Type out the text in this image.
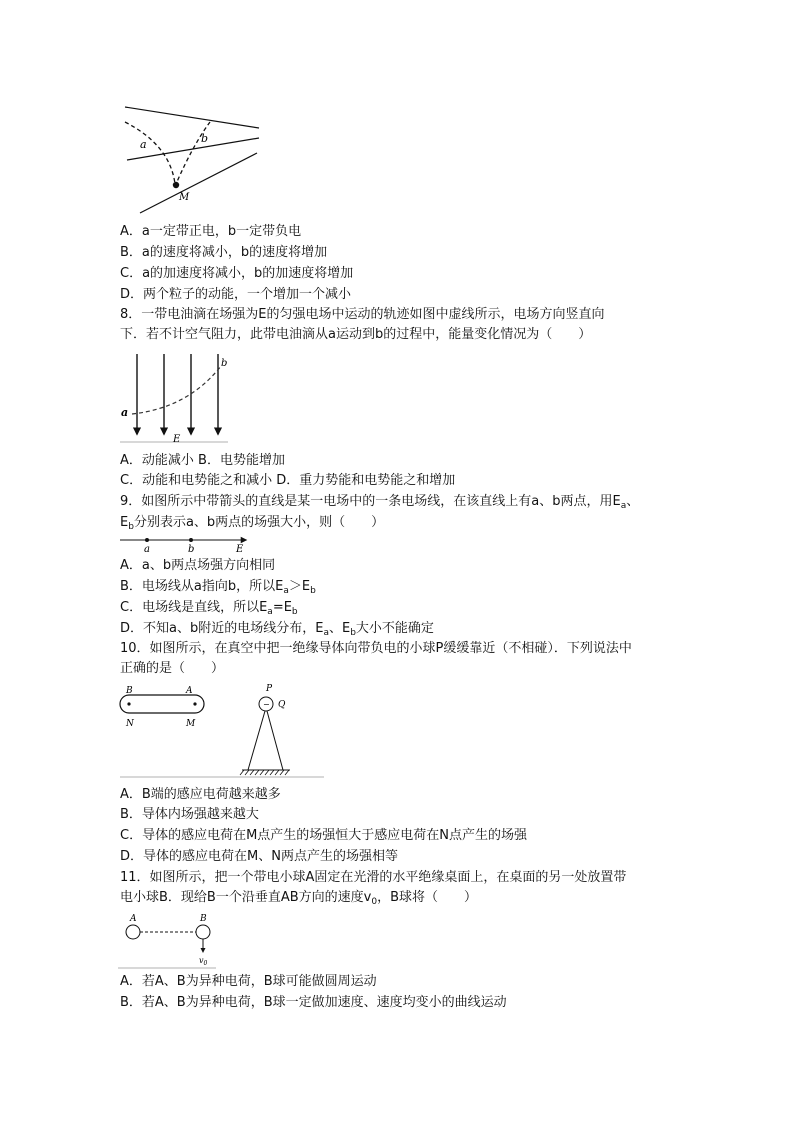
a	b
M
A．a一定带正电，b一定带负电
B．a的速度将减小，b的速度将增加
C．a的加速度将减小，b的加速度将增加
D．两个粒子的动能，一个增加一个减小
8．一带电油滴在场强为E的匀强电场中运动的轨迹如图中虚线所示，电场方向竖直向
下．若不计空气阻力，此带电油滴从a运动到b的过程中，能量变化情况为（　　）
a
b
E
A．动能减小 B．电势能增加
C．动能和电势能之和减小 D．重力势能和电势能之和增加
9．如图所示中带箭头的直线是某一电场中的一条电场线，在该直线上有a、b两点，用$E_a$、
$E_b$分别表示a、b两点的场强大小，则（　　）
a	b	E
A．a、b两点场强方向相同
B．电场线从a指向b，所以$E_a>E_b$
C．电场线是直线，所以$E_a=E_b$
D．不知a、b附近的电场线分布，$E_a$、$E_b$大小不能确定
10．如图所示，在真空中把一绝缘导体向带负电的小球P缓缓靠近（不相碰）．下列说法中
正确的是（　　）
B	A
N	M
−
P
Q
A．B端的感应电荷越来越多
B．导体内场强越来越大
C．导体的感应电荷在M点产生的场强恒大于感应电荷在N点产生的场强
D．导体的感应电荷在M、N两点产生的场强相等
11．如图所示，把一个带电小球A固定在光滑的水平绝缘桌面上，在桌面的另一处放置带
电小球B．现给B一个沿垂直AB方向的速度$v_0$，B球将（　　）
A	B
$v_0$
A．若A、B为异种电荷，B球可能做圆周运动
B．若A、B为异种电荷，B球一定做加速度、速度均变小的曲线运动
